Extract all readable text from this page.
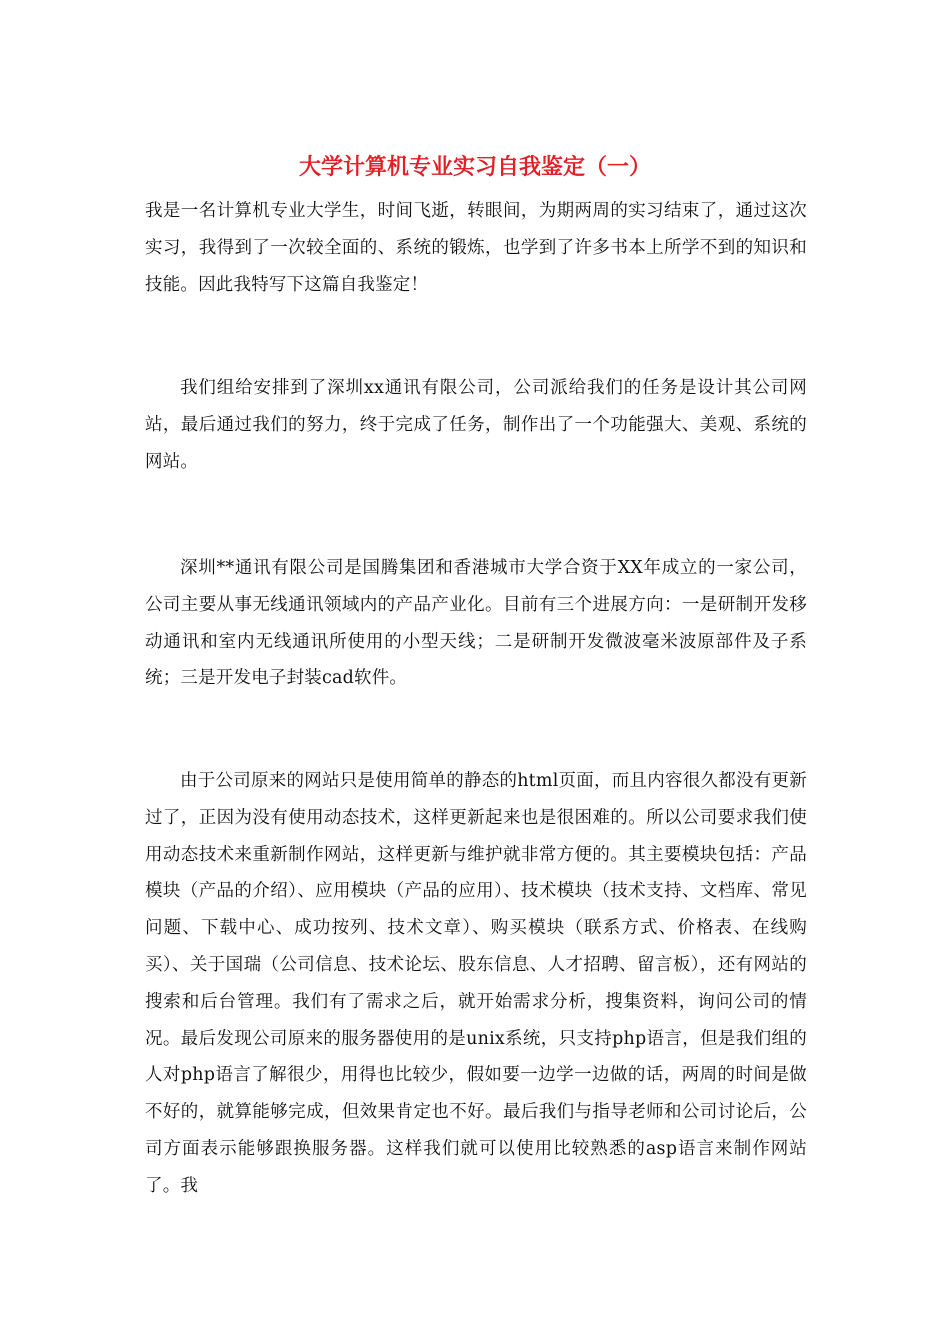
大学计算机专业实习自我鉴定（一）

我是一名计算机专业大学生，时间飞逝，转眼间，为期两周的实习结束了，通过这次实习，我得到了一次较全面的、系统的锻炼，也学到了许多书本上所学不到的知识和技能。因此我特写下这篇自我鉴定！

我们组给安排到了深圳xx通讯有限公司，公司派给我们的任务是设计其公司网站，最后通过我们的努力，终于完成了任务，制作出了一个功能强大、美观、系统的网站。

深圳**通讯有限公司是国腾集团和香港城市大学合资于XX年成立的一家公司，公司主要从事无线通讯领域内的产品产业化。目前有三个进展方向：一是研制开发移动通讯和室内无线通讯所使用的小型天线；二是研制开发微波毫米波原部件及子系统；三是开发电子封装cad软件。

由于公司原来的网站只是使用简单的静态的html页面，而且内容很久都没有更新过了，正因为没有使用动态技术，这样更新起来也是很困难的。所以公司要求我们使用动态技术来重新制作网站，这样更新与维护就非常方便的。其主要模块包括：产品模块（产品的介绍）、应用模块（产品的应用）、技术模块（技术支持、文档库、常见问题、下载中心、成功按列、技术文章）、购买模块（联系方式、价格表、在线购买）、关于国瑞（公司信息、技术论坛、股东信息、人才招聘、留言板），还有网站的搜索和后台管理。我们有了需求之后，就开始需求分析，搜集资料，询问公司的情况。最后发现公司原来的服务器使用的是unix系统，只支持php语言，但是我们组的人对php语言了解很少，用得也比较少，假如要一边学一边做的话，两周的时间是做不好的，就算能够完成，但效果肯定也不好。最后我们与指导老师和公司讨论后，公司方面表示能够跟换服务器。这样我们就可以使用比较熟悉的asp语言来制作网站了。我
